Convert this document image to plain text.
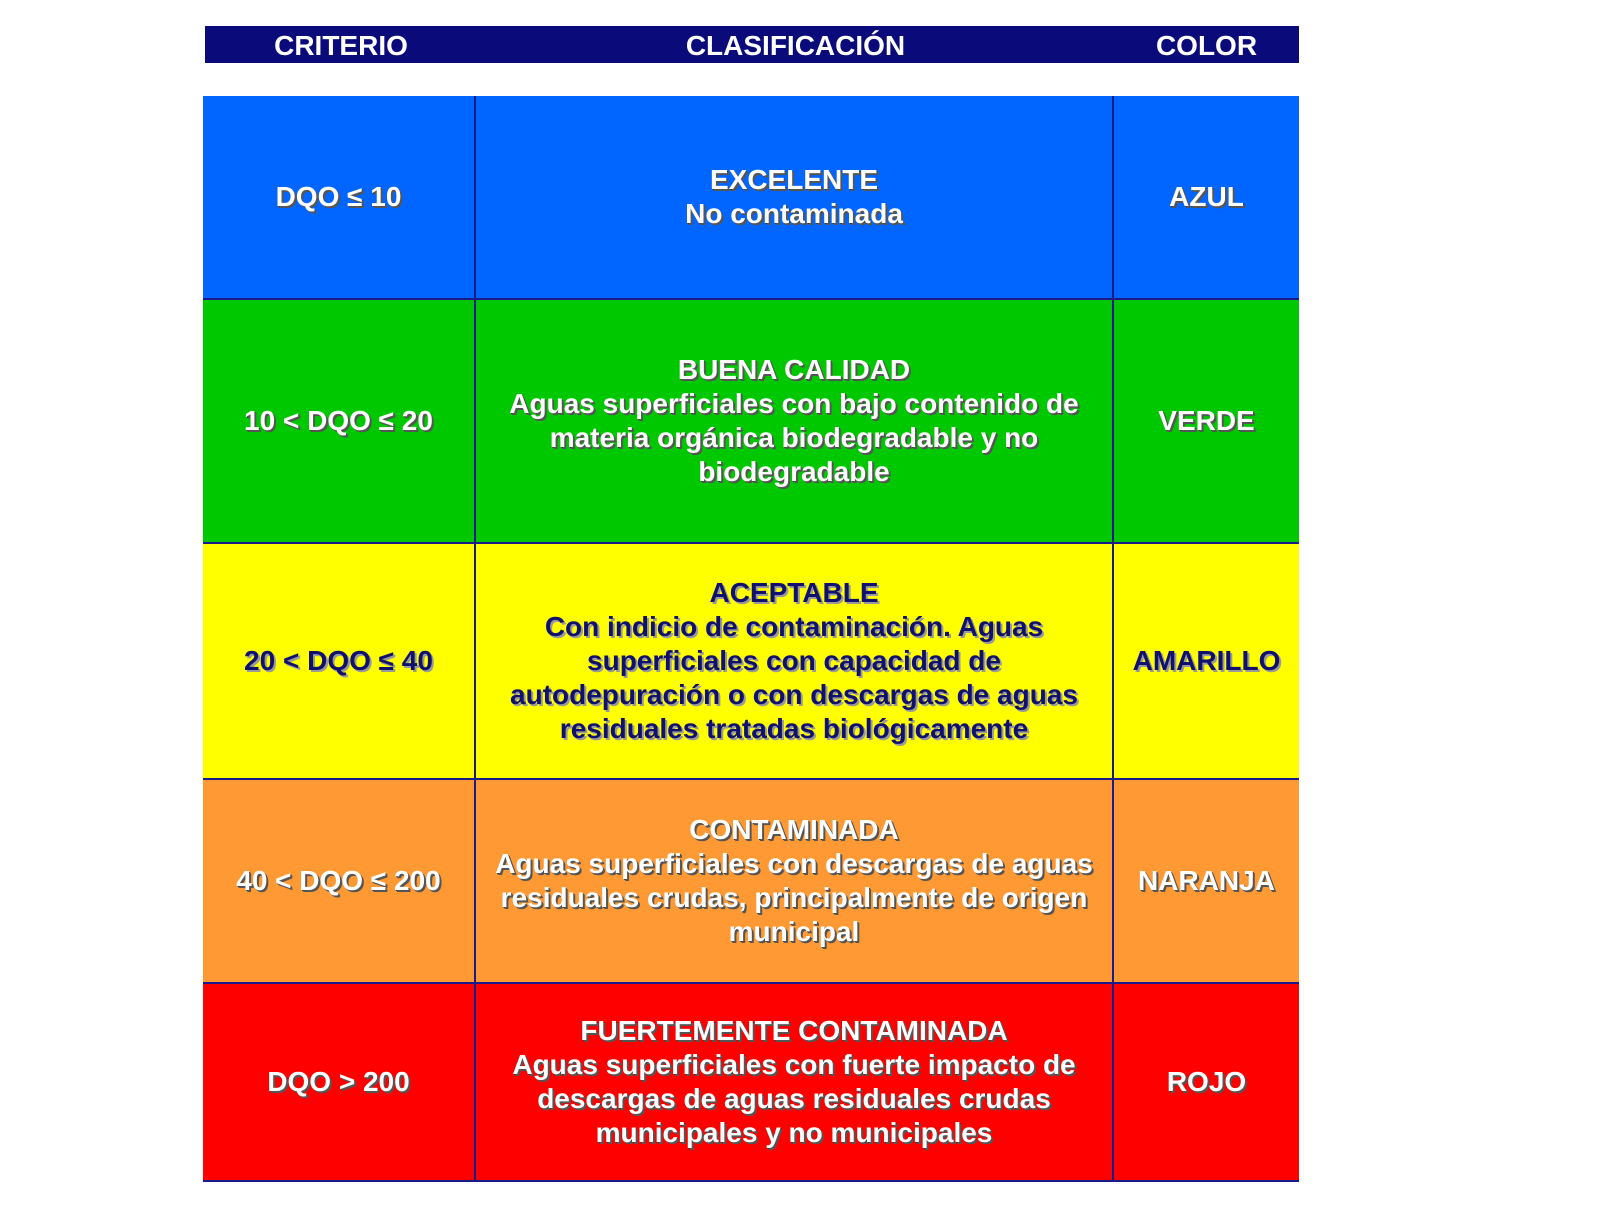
CRITERIO	CLASIFICACIÓN	COLOR
DQO ≤ 10
EXCELENTE
No contaminada
AZUL
10 < DQO ≤ 20
BUENA CALIDAD
Aguas superficiales con bajo contenido de materia orgánica biodegradable y no biodegradable
VERDE
20 < DQO ≤ 40
ACEPTABLE
Con indicio de contaminación. Aguas superficiales con capacidad de autodepuración o con descargas de aguas residuales tratadas biológicamente
AMARILLO
40 < DQO ≤ 200
CONTAMINADA
Aguas superficiales con descargas de aguas residuales crudas, principalmente de origen municipal
NARANJA
DQO > 200
FUERTEMENTE CONTAMINADA
Aguas superficiales con fuerte impacto de descargas de aguas residuales crudas municipales y no municipales
ROJO
